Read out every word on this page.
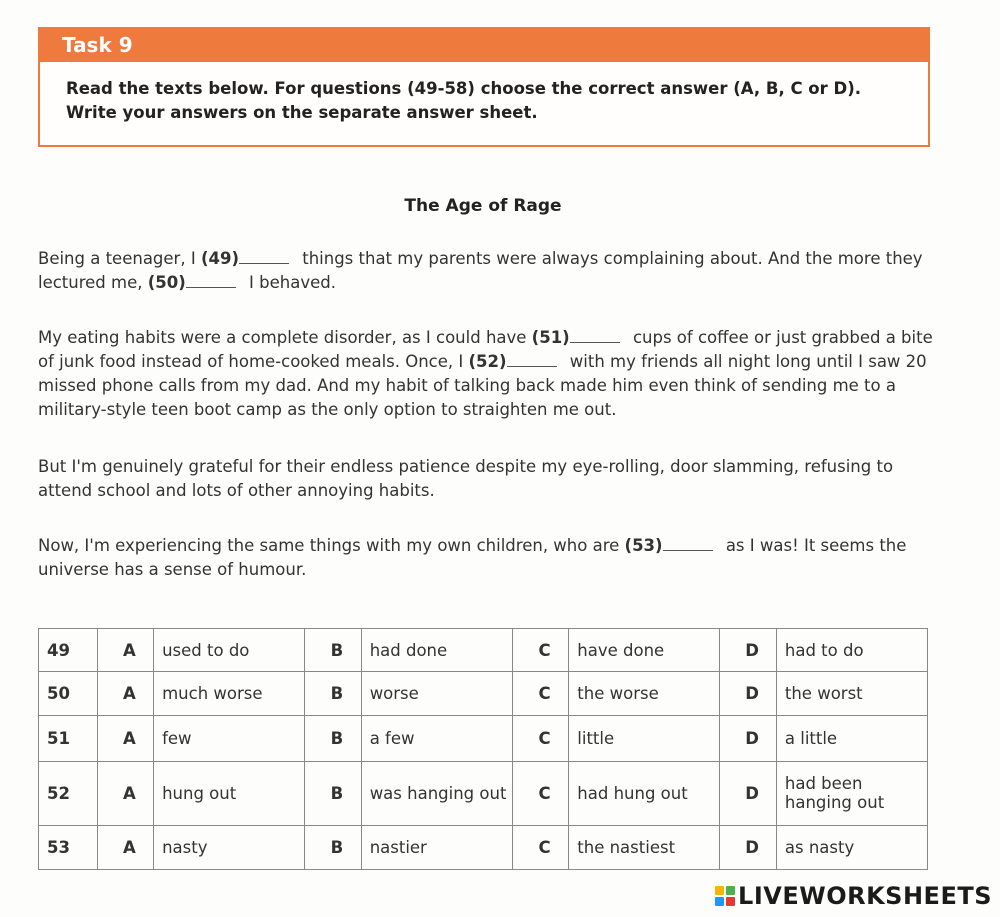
Task 9
Read the texts below. For questions (49-58) choose the correct answer (A, B, C or D). Write your answers on the separate answer sheet.
The Age of Rage

Being a teenager, I (49)	things that my parents were always complaining about. And the more they lectured me, (50)	I behaved.

My eating habits were a complete disorder, as I could have (51)	cups of coffee or just grabbed a bite of junk food instead of home-cooked meals. Once, I (52)	with my friends all night long until I saw 20 missed phone calls from my dad. And my habit of talking back made him even think of sending me to a military-style teen boot camp as the only option to straighten me out.

But I'm genuinely grateful for their endless patience despite my eye-rolling, door slamming, refusing to attend school and lots of other annoying habits.

Now, I'm experiencing the same things with my own children, who are (53)	as I was! It seems the universe has a sense of humour.

49	A	used to do	B	had done	C	have done	D	had to do
50	A	much worse	B	worse	C	the worse	D	the worst
51	A	few	B	a few	C	little	D	a little
52	A	hung out	B	was hanging out	C	had hung out	D	had been hanging out
53	A	nasty	B	nastier	C	the nastiest	D	as nasty
LIVEWORKSHEETS
